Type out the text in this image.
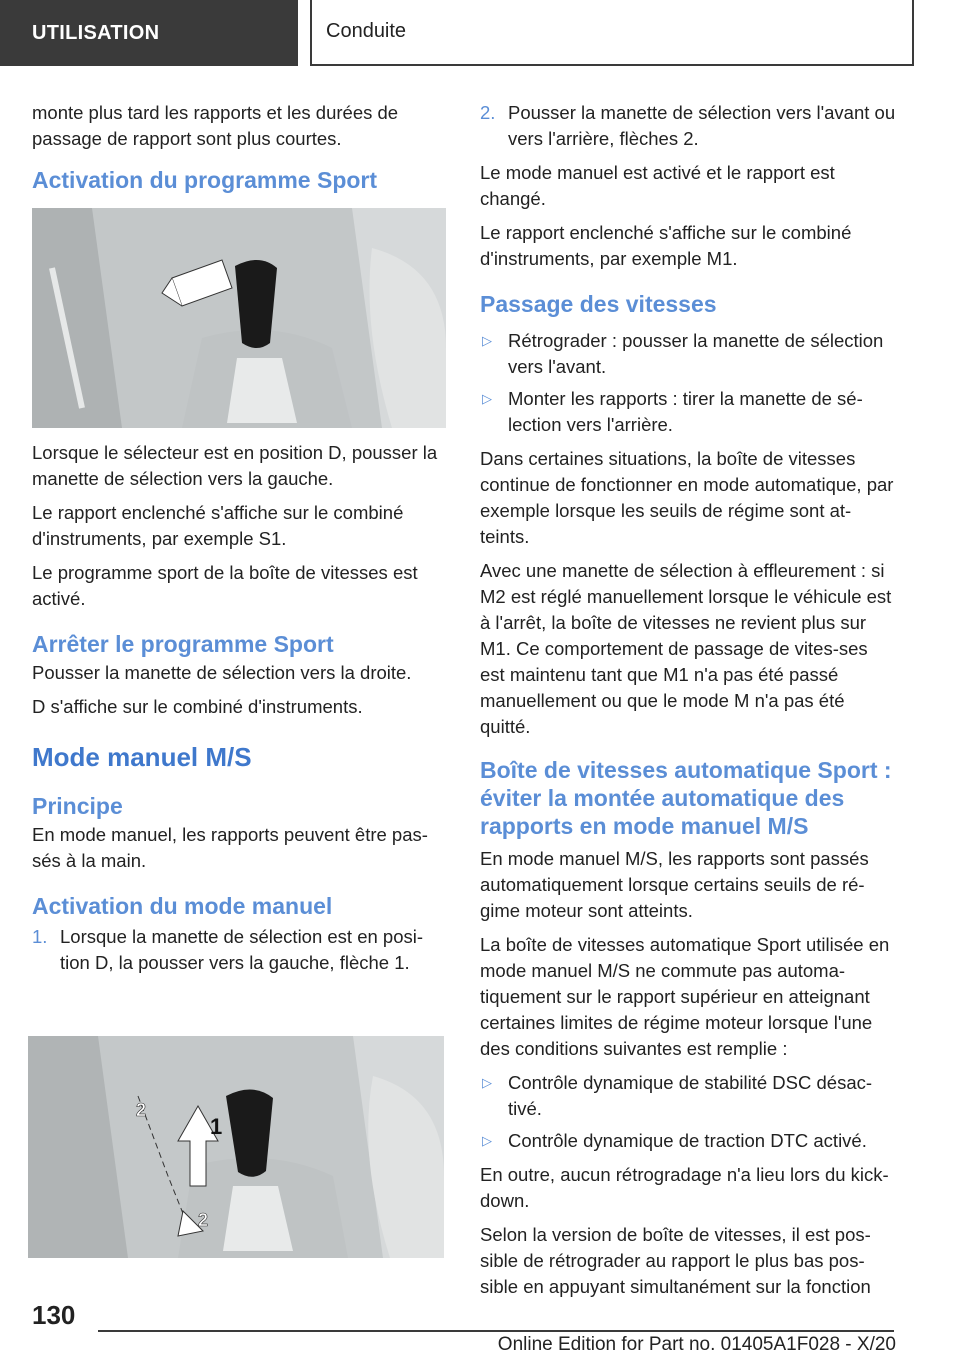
UTILISATION	Conduite

monte plus tard les rapports et les durées de passage de rapport sont plus courtes.

Activation du programme Sport

Lorsque le sélecteur est en position D, pousser la manette de sélection vers la gauche.

Le rapport enclenché s'affiche sur le combiné d'instruments, par exemple S1.

Le programme sport de la boîte de vitesses est activé.

Arrêter le programme Sport

Pousser la manette de sélection vers la droite.

D s'affiche sur le combiné d'instruments.

Mode manuel M/S
Principe

En mode manuel, les rapports peuvent être pas-sés à la main.

Activation du mode manuel
1. Lorsque la manette de sélection est en posi-tion D, la pousser vers la gauche, flèche 1.
2
1
2
2. Pousser la manette de sélection vers l'avant ou vers l'arrière, flèches 2.

Le mode manuel est activé et le rapport est changé.

Le rapport enclenché s'affiche sur le combiné d'instruments, par exemple M1.

Passage des vitesses
▷ Rétrograder : pousser la manette de sélection vers l'avant.
▷ Monter les rapports : tirer la manette de sé-lection vers l'arrière.

Dans certaines situations, la boîte de vitesses continue de fonctionner en mode automatique, par exemple lorsque les seuils de régime sont at-teints.

Avec une manette de sélection à effleurement : si M2 est réglé manuellement lorsque le véhicule est à l'arrêt, la boîte de vitesses ne revient plus sur M1. Ce comportement de passage de vites-ses est maintenu tant que M1 n'a pas été passé manuellement ou que le mode M n'a pas été quitté.

Boîte de vitesses automatique Sport : éviter la montée automatique des rapports en mode manuel M/S

En mode manuel M/S, les rapports sont passés automatiquement lorsque certains seuils de ré-gime moteur sont atteints.

La boîte de vitesses automatique Sport utilisée en mode manuel M/S ne commute pas automa-tiquement sur le rapport supérieur en atteignant certaines limites de régime moteur lorsque l'une des conditions suivantes est remplie :

▷ Contrôle dynamique de stabilité DSC désac-tivé.
▷ Contrôle dynamique de traction DTC activé.

En outre, aucun rétrogradage n'a lieu lors du kick-down.

Selon la version de boîte de vitesses, il est pos-sible de rétrograder au rapport le plus bas pos-sible en appuyant simultanément sur la fonction

130
Online Edition for Part no. 01405A1F028 - X/20
